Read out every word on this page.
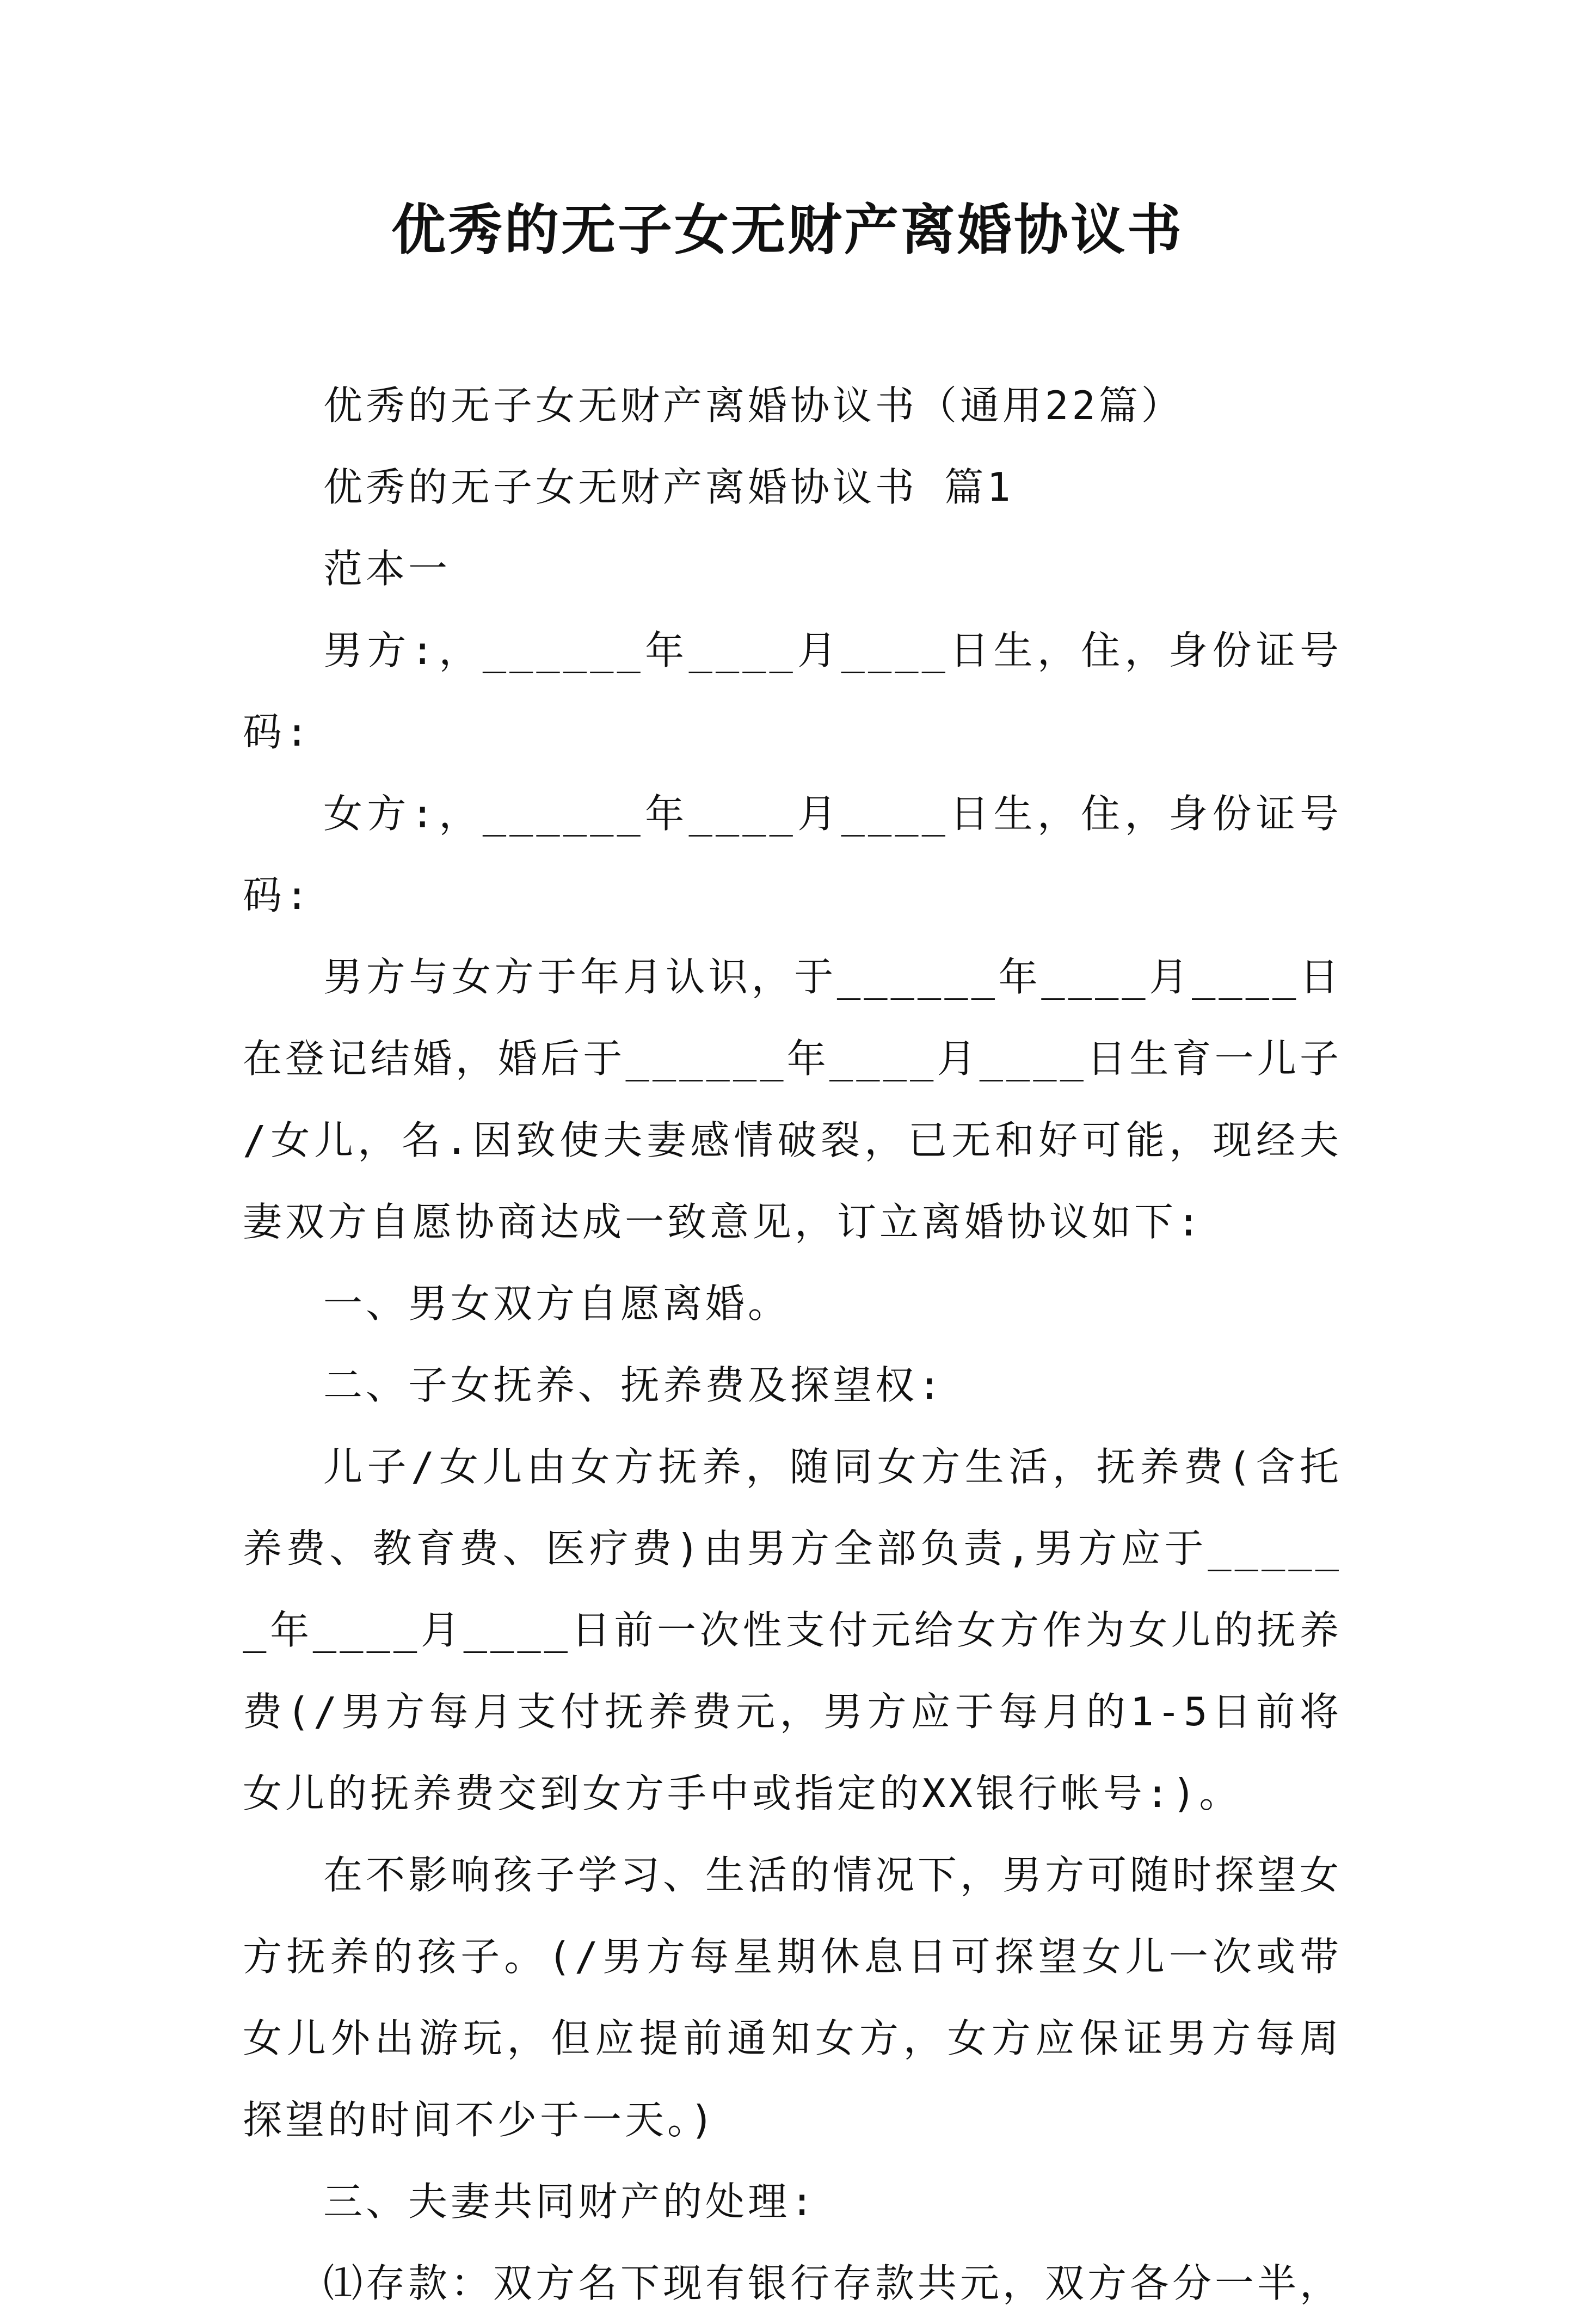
优秀的无子女无财产离婚协议书

优秀的无子女无财产离婚协议书（通用22篇）

优秀的无子女无财产离婚协议书 篇1

范本一

男方:，______年____月____日生，住，身份证号码:

女方:，______年____月____日生，住，身份证号码:

男方与女方于年月认识，于______年____月____日在登记结婚，婚后于______年____月____日生育一儿子/女儿，名.因致使夫妻感情破裂，已无和好可能，现经夫妻双方自愿协商达成一致意见，订立离婚协议如下:

一、男女双方自愿离婚。

二、子女抚养、抚养费及探望权:

儿子/女儿由女方抚养，随同女方生活，抚养费(含托养费、教育费、医疗费)由男方全部负责,男方应于______年____月____日前一次性支付元给女方作为女儿的抚养费(/男方每月支付抚养费元，男方应于每月的1-5日前将女儿的抚养费交到女方手中或指定的XX银行帐号:)。

在不影响孩子学习、生活的情况下，男方可随时探望女方抚养的孩子。(/男方每星期休息日可探望女儿一次或带女儿外出游玩，但应提前通知女方，女方应保证男方每周探望的时间不少于一天。)

三、夫妻共同财产的处理:

⑴存款：双方名下现有银行存款共元，双方各分一半，
